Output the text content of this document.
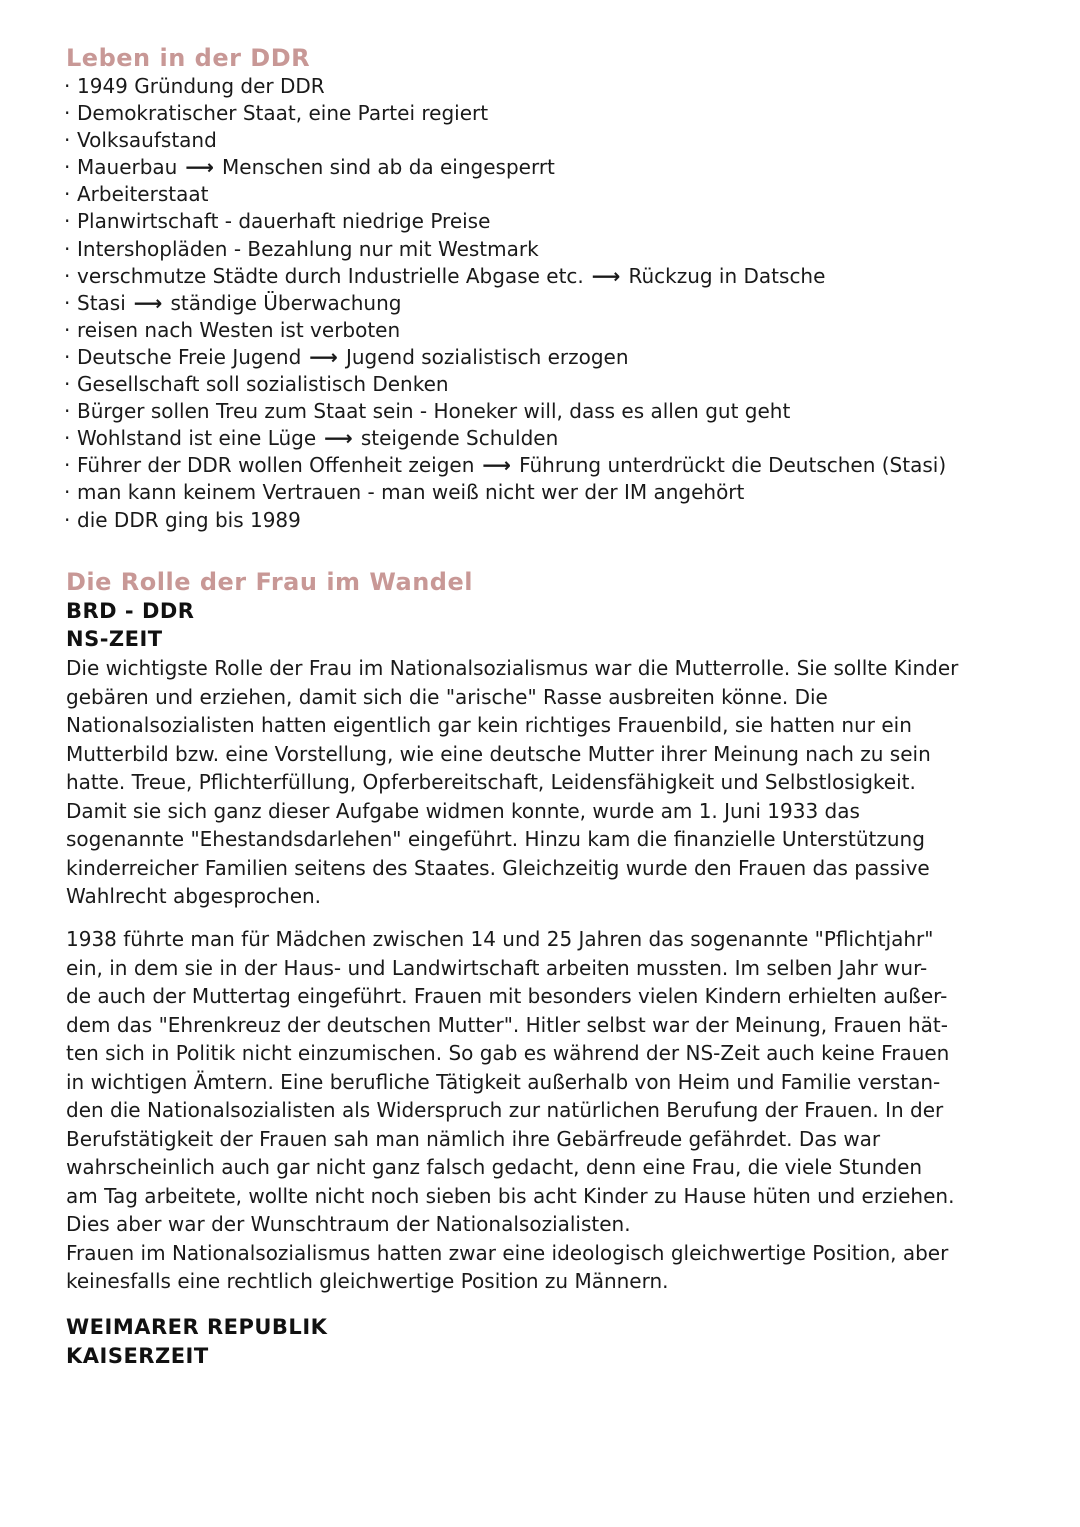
Leben in der DDR
· 1949 Gründung der DDR
· Demokratischer Staat, eine Partei regiert
· Volksaufstand
· Mauerbau ⟶ Menschen sind ab da eingesperrt
· Arbeiterstaat
· Planwirtschaft - dauerhaft niedrige Preise
· Intershopläden - Bezahlung nur mit Westmark
· verschmutze Städte durch Industrielle Abgase etc. ⟶ Rückzug in Datsche
· Stasi ⟶ ständige Überwachung
· reisen nach Westen ist verboten
· Deutsche Freie Jugend ⟶ Jugend sozialistisch erzogen
· Gesellschaft soll sozialistisch Denken
· Bürger sollen Treu zum Staat sein - Honeker will, dass es allen gut geht
· Wohlstand ist eine Lüge ⟶ steigende Schulden
· Führer der DDR wollen Offenheit zeigen ⟶ Führung unterdrückt die Deutschen (Stasi)
· man kann keinem Vertrauen - man weiß nicht wer der IM angehört
· die DDR ging bis 1989
Die Rolle der Frau im Wandel
BRD - DDR
NS-ZEIT

Die wichtigste Rolle der Frau im Nationalsozialismus war die Mutterrolle. Sie sollte Kinder
gebären und erziehen, damit sich die "arische" Rasse ausbreiten könne. Die
Nationalsozialisten hatten eigentlich gar kein richtiges Frauenbild, sie hatten nur ein
Mutterbild bzw. eine Vorstellung, wie eine deutsche Mutter ihrer Meinung nach zu sein
hatte. Treue, Pflichterfüllung, Opferbereitschaft, Leidensfähigkeit und Selbstlosigkeit.
Damit sie sich ganz dieser Aufgabe widmen konnte, wurde am 1. Juni 1933 das
sogenannte "Ehestandsdarlehen" eingeführt. Hinzu kam die finanzielle Unterstützung
kinderreicher Familien seitens des Staates. Gleichzeitig wurde den Frauen das passive
Wahlrecht abgesprochen.

1938 führte man für Mädchen zwischen 14 und 25 Jahren das sogenannte "Pflichtjahr"
ein, in dem sie in der Haus- und Landwirtschaft arbeiten mussten. Im selben Jahr wur-
de auch der Muttertag eingeführt. Frauen mit besonders vielen Kindern erhielten außer-
dem das "Ehrenkreuz der deutschen Mutter". Hitler selbst war der Meinung, Frauen hät-
ten sich in Politik nicht einzumischen. So gab es während der NS-Zeit auch keine Frauen
in wichtigen Ämtern. Eine berufliche Tätigkeit außerhalb von Heim und Familie verstan-
den die Nationalsozialisten als Widerspruch zur natürlichen Berufung der Frauen. In der
Berufstätigkeit der Frauen sah man nämlich ihre Gebärfreude gefährdet. Das war
wahrscheinlich auch gar nicht ganz falsch gedacht, denn eine Frau, die viele Stunden
am Tag arbeitete, wollte nicht noch sieben bis acht Kinder zu Hause hüten und erziehen.
Dies aber war der Wunschtraum der Nationalsozialisten.
Frauen im Nationalsozialismus hatten zwar eine ideologisch gleichwertige Position, aber
keinesfalls eine rechtlich gleichwertige Position zu Männern.

WEIMARER REPUBLIK
KAISERZEIT
